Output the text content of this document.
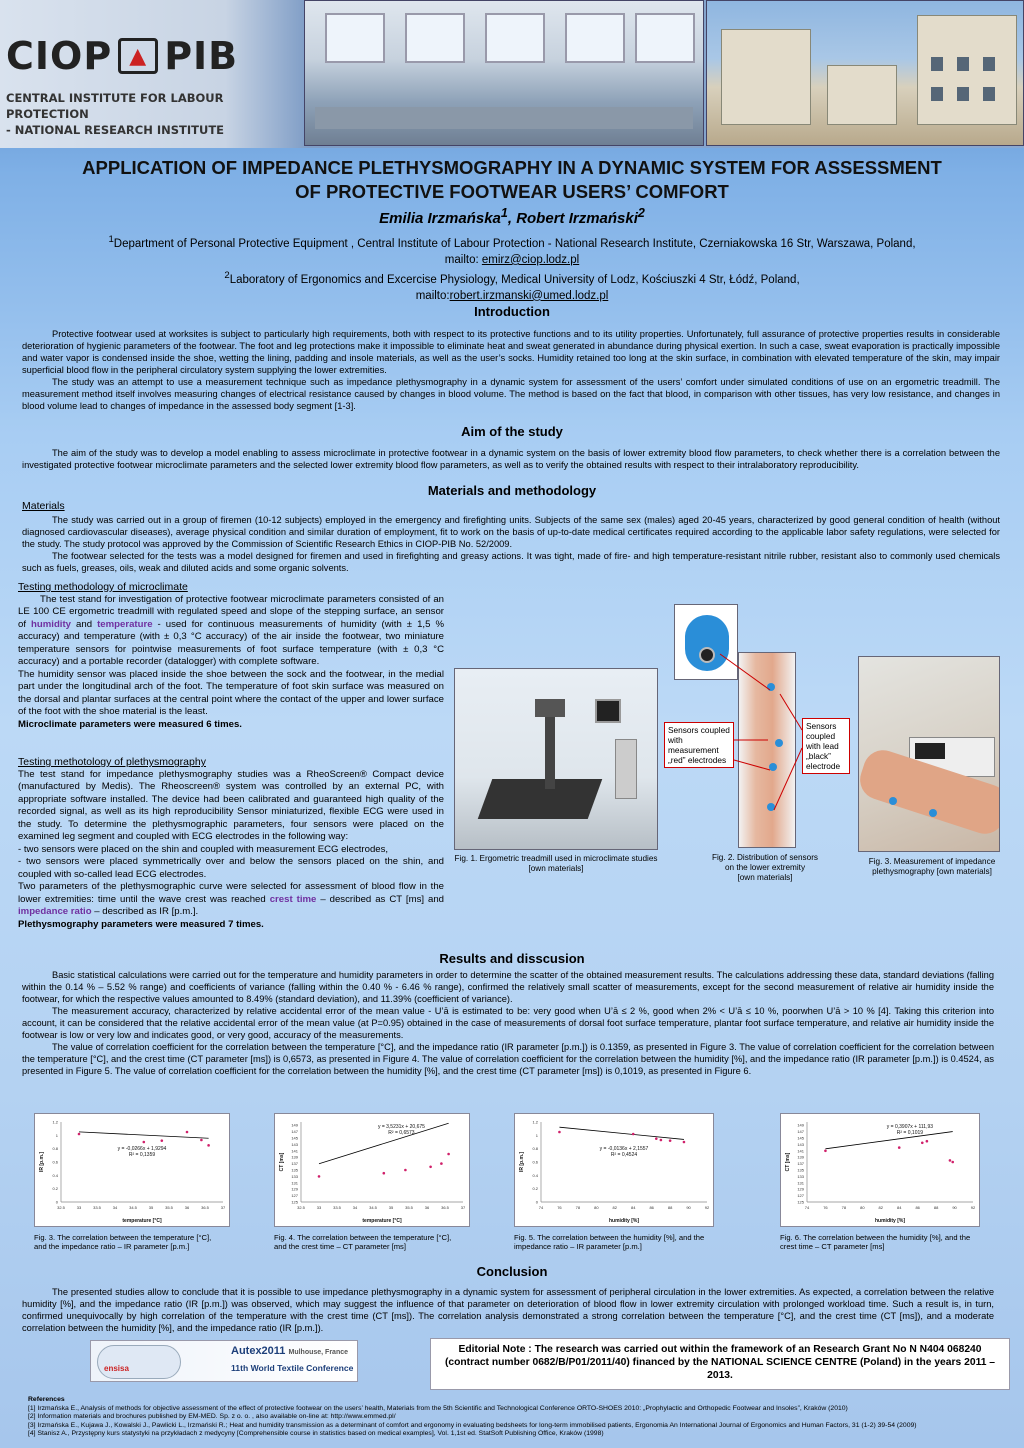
CIOP ▲ PIB
CENTRAL INSTITUTE FOR LABOUR PROTECTION
- NATIONAL RESEARCH INSTITUTE
APPLICATION OF IMPEDANCE PLETHYSMOGRAPHY IN A DYNAMIC SYSTEM FOR ASSESSMENT
OF PROTECTIVE FOOTWEAR USERS’ COMFORT
Emilia Irzmańska$^1$, Robert Irzmański$^2$
$^1$Department of Personal Protective Equipment , Central Institute of Labour Protection - National Research Institute, Czerniakowska 16 Str, Warszawa, Poland,
mailto: emirz@ciop.lodz.pl
$^2$Laboratory of Ergonomics and Excercise Physiology, Medical University of Lodz, Kościuszki 4 Str, Łódź, Poland,
mailto:robert.irzmanski@umed.lodz.pl
Introduction

Protective footwear used at worksites is subject to particularly high requirements, both with respect to its protective functions and to its utility properties. Unfortunately, full assurance of protective properties results in considerable deterioration of hygienic parameters of the footwear. The foot and leg protections make it impossible to eliminate heat and sweat generated in abundance during physical exertion. In such a case, sweat evaporation is practically impossible and water vapor is condensed inside the shoe, wetting the lining, padding and insole materials, as well as the user’s socks. Humidity retained too long at the skin surface, in combination with elevated temperature of the skin, may impair superficial blood flow in the peripheral circulatory system supplying the lower extremities.

The study was an attempt to use a measurement technique such as impedance plethysmography in a dynamic system for assessment of the users’ comfort under simulated conditions of use on an ergometric treadmill. The measurement method itself involves measuring changes of electrical resistance caused by changes in blood volume. The method is based on the fact that blood, in comparison with other tissues, has very low resistance, and changes in blood volume lead to changes of impedance in the assessed body segment [1-3].

Aim of the study

The aim of the study was to develop a model enabling to assess microclimate in protective footwear in a dynamic system on the basis of lower extremity blood flow parameters, to check whether there is a correlation between the investigated protective footwear microclimate parameters and the selected lower extremity blood flow parameters, as well as to verify the obtained results with respect to their intralaboratory reproducibility.

Materials and methodology
Materials

The study was carried out in a group of firemen (10-12 subjects) employed in the emergency and firefighting units. Subjects of the same sex (males) aged 20-45 years, characterized by good general condition of health (without diagnosed cardiovascular diseases), average physical condition and similar duration of employment, fit to work on the basis of up-to-date medical certificates required according to the applicable labor safety regulations, were selected for the study. The study protocol was approved by the Commission of Scientific Research Ethics in CIOP-PIB No. 52/2009.

The footwear selected for the tests was a model designed for firemen and used in firefighting and greasy actions. It was tight, made of fire- and high temperature-resistant nitrile rubber, resistant also to commonly used chemicals such as fuels, greases, oils, weak and diluted acids and some organic solvents.

Testing methodology of microclimate

The test stand for investigation of protective footwear microclimate parameters consisted of an LE 100 CE ergometric treadmill with regulated speed and slope of the stepping surface, an sensor of humidity and temperature - used for continuous measurements of humidity (with ± 1,5 % accuracy) and temperature (with ± 0,3 °C accuracy) of the air inside the footwear, two miniature temperature sensors for pointwise measurements of foot surface temperature (with ± 0,3 °C accuracy) and a portable recorder (datalogger) with complete software.

The humidity sensor was placed inside the shoe between the sock and the footwear, in the medial part under the longitudinal arch of the foot. The temperature of foot skin surface was measured on the dorsal and plantar surfaces at the central point where the contact of the upper and lower surface of the foot with the shoe material is the least.

Microclimate parameters were measured 6 times.

Testing methotology of plethysmography

The test stand for impedance plethysmography studies was a RheoScreen® Compact device (manufactured by Medis). The Rheoscreen® system was controlled by an external PC, with appropriate software installed. The device had been calibrated and guaranteed high quality of the recorded signal, as well as its high reproducibility Sensor miniaturized, flexible ECG were used in the study. To determine the plethysmographic parameters, four sensors were placed on the examined leg segment and coupled with ECG electrodes in the following way:

- two sensors were placed on the shin and coupled with measurement ECG electrodes,

- two sensors were placed symmetrically over and below the sensors placed on the shin, and coupled with so-called lead ECG electrodes.

Two parameters of the plethysmographic curve were selected for assessment of blood flow in the lower extremities: time until the wave crest was reached crest time – described as CT [ms] and impedance ratio – described as IR [p.m.].

Plethysmography parameters were measured 7 times.

Fig. 1. Ergometric treadmill used in microclimate studies [own materials]
Sensors coupled with measurement „red” electrodes
Sensors coupled with lead „black” electrode
Fig. 2. Distribution of sensors
on the lower extremity
[own materials]
Fig. 3. Measurement of impedance
plethysmography [own materials]
Results and disscusion

Basic statistical calculations were carried out for the temperature and humidity parameters in order to determine the scatter of the obtained measurement results. The calculations addressing these data, standard deviations (falling within the 0.14 % – 5.52 % range) and coefficients of variance (falling within the 0.40 % - 6.46 % range), confirmed the relatively small scatter of measurements, except for the second measurement of relative air humidity inside the footwear, for which the respective values amounted to 8.49% (standard deviation), and 11.39% (coefficient of variance).

The measurement accuracy, characterized by relative accidental error of the mean value - U’ā is estimated to be: very good when U’ā ≤ 2 %, good when 2% < U’ā ≤ 10 %, poorwhen U’ā > 10 % [4]. Taking this criterion into account, it can be considered that the relative accidental error of the mean value (at P=0.95) obtained in the case of measurements of dorsal foot surface temperature, plantar foot surface temperature, and relative air humidity inside the footwear is low or very low and indicates good, or very good, accuracy of the measurements.

The value of correlation coefficient for the correlation between the temperature [°C], and the impedance ratio (IR parameter [p.m.]) is 0.1359, as presented in Figure 3. The value of correlation coefficient for the correlation between the temperature [°C], and the crest time (CT parameter [ms]) is 0,6573, as presented in Figure 4. The value of correlation coefficient for the correlation between the humidity [%], and the impedance ratio (IR parameter [p.m.]) is 0.4524, as presented in Figure 5. The value of correlation coefficient for the correlation between the humidity [%], and the crest time (CT parameter [ms]) is 0,1019, as presented in Figure 6.

0
0.2
0.4
0.6
0.8
1
1.2
32.5	33	33.5	34	34.5	35	35.5	36	36.5	37
temperature [°C]
IR [p.m.]
y = -0,0266x + 1,9294
R² = 0,1359
Fig. 3. The correlation between the temperature [°C],
and the impedance ratio – IR parameter [p.m.]
125
127
129
131
133
135
137
139
141
143
145
147
149
32.5	33	33.5	34	34.5	35	35.5	36	36.5	37
temperature [°C]
CT [ms]
y = 3,5231x + 20,675
R² = 0,6573
Fig. 4. The correlation between the temperature [°C],
and the crest time – CT parameter [ms]
0
0.2
0.4
0.6
0.8
1
1.2
74	76	78	80	82	84	86	88	90	92
humidity [%]
IR [p.m.]
y = -0,0136x + 2,1557
R² = 0,4524
Fig. 5. The correlation between the humidity [%], and the
impedance ratio – IR parameter [p.m.]
125
127
129
131
133
135
137
139
141
143
145
147
149
74	76	78	80	82	84	86	88	90	92
humidity [%]
CT [ms]
y = 0,3907x + 111,93
R² = 0,1019
Fig. 6. The correlation between the humidity [%], and the
crest time – CT parameter [ms]
Conclusion

The presented studies allow to conclude that it is possible to use impedance plethysmography in a dynamic system for assessment of peripheral circulation in the lower extremities. As expected, a correlation between the relative humidity [%], and the impedance ratio (IR [p.m.]) was observed, which may suggest the influence of that parameter on deterioration of blood flow in lower extremity circulation with prolonged workload time. Such a result is, in turn, confirmed unequivocally by high correlation of the temperature with the crest time (CT [ms]). The correlation analysis demonstrated a strong correlation between the temperature [°C], and the crest time (CT [ms]), and a moderate correlation between the humidity [%], and the impedance ratio (IR [p.m.]).

ensisa
Autex2011 Mulhouse, France
11th World Textile Conference
Editorial Note : The research was carried out within the framework of an Research Grant No N N404 068240 (contract number 0682/B/P01/2011/40) financed by the NATIONAL SCIENCE CENTRE (Poland) in the years 2011 – 2013.
References
[1] Irzmańska E., Analysis of methods for objective assessment of the effect of protective footwear on the users’ health, Materials from the 5th Scientific and Technological Conference ORTO-SHOES 2010: „Prophylactic and Orthopedic Footwear and Insoles”, Kraków (2010)
[2] Information materials and brochures published by EM-MED. Sp. z o. o. , also available on-line at: http://www.emmed.pl/
[3] Irzmańska E., Kujawa J., Kowalski J., Pawlicki L., Irzmański R.; Heat and humidity transmission as a determinant of comfort and ergonomy in evaluating bedsheets for long-term immobilised patients, Ergonomia An International Journal of Ergonomics and Human Factors, 31 (1-2) 39-54 (2009)
[4] Stanisz A., Przystępny kurs statystyki na przykładach z medycyny [Comprehensible course in statistics based on medical examples], Vol. 1,1st ed. StatSoft Publishing Office, Kraków (1998)
